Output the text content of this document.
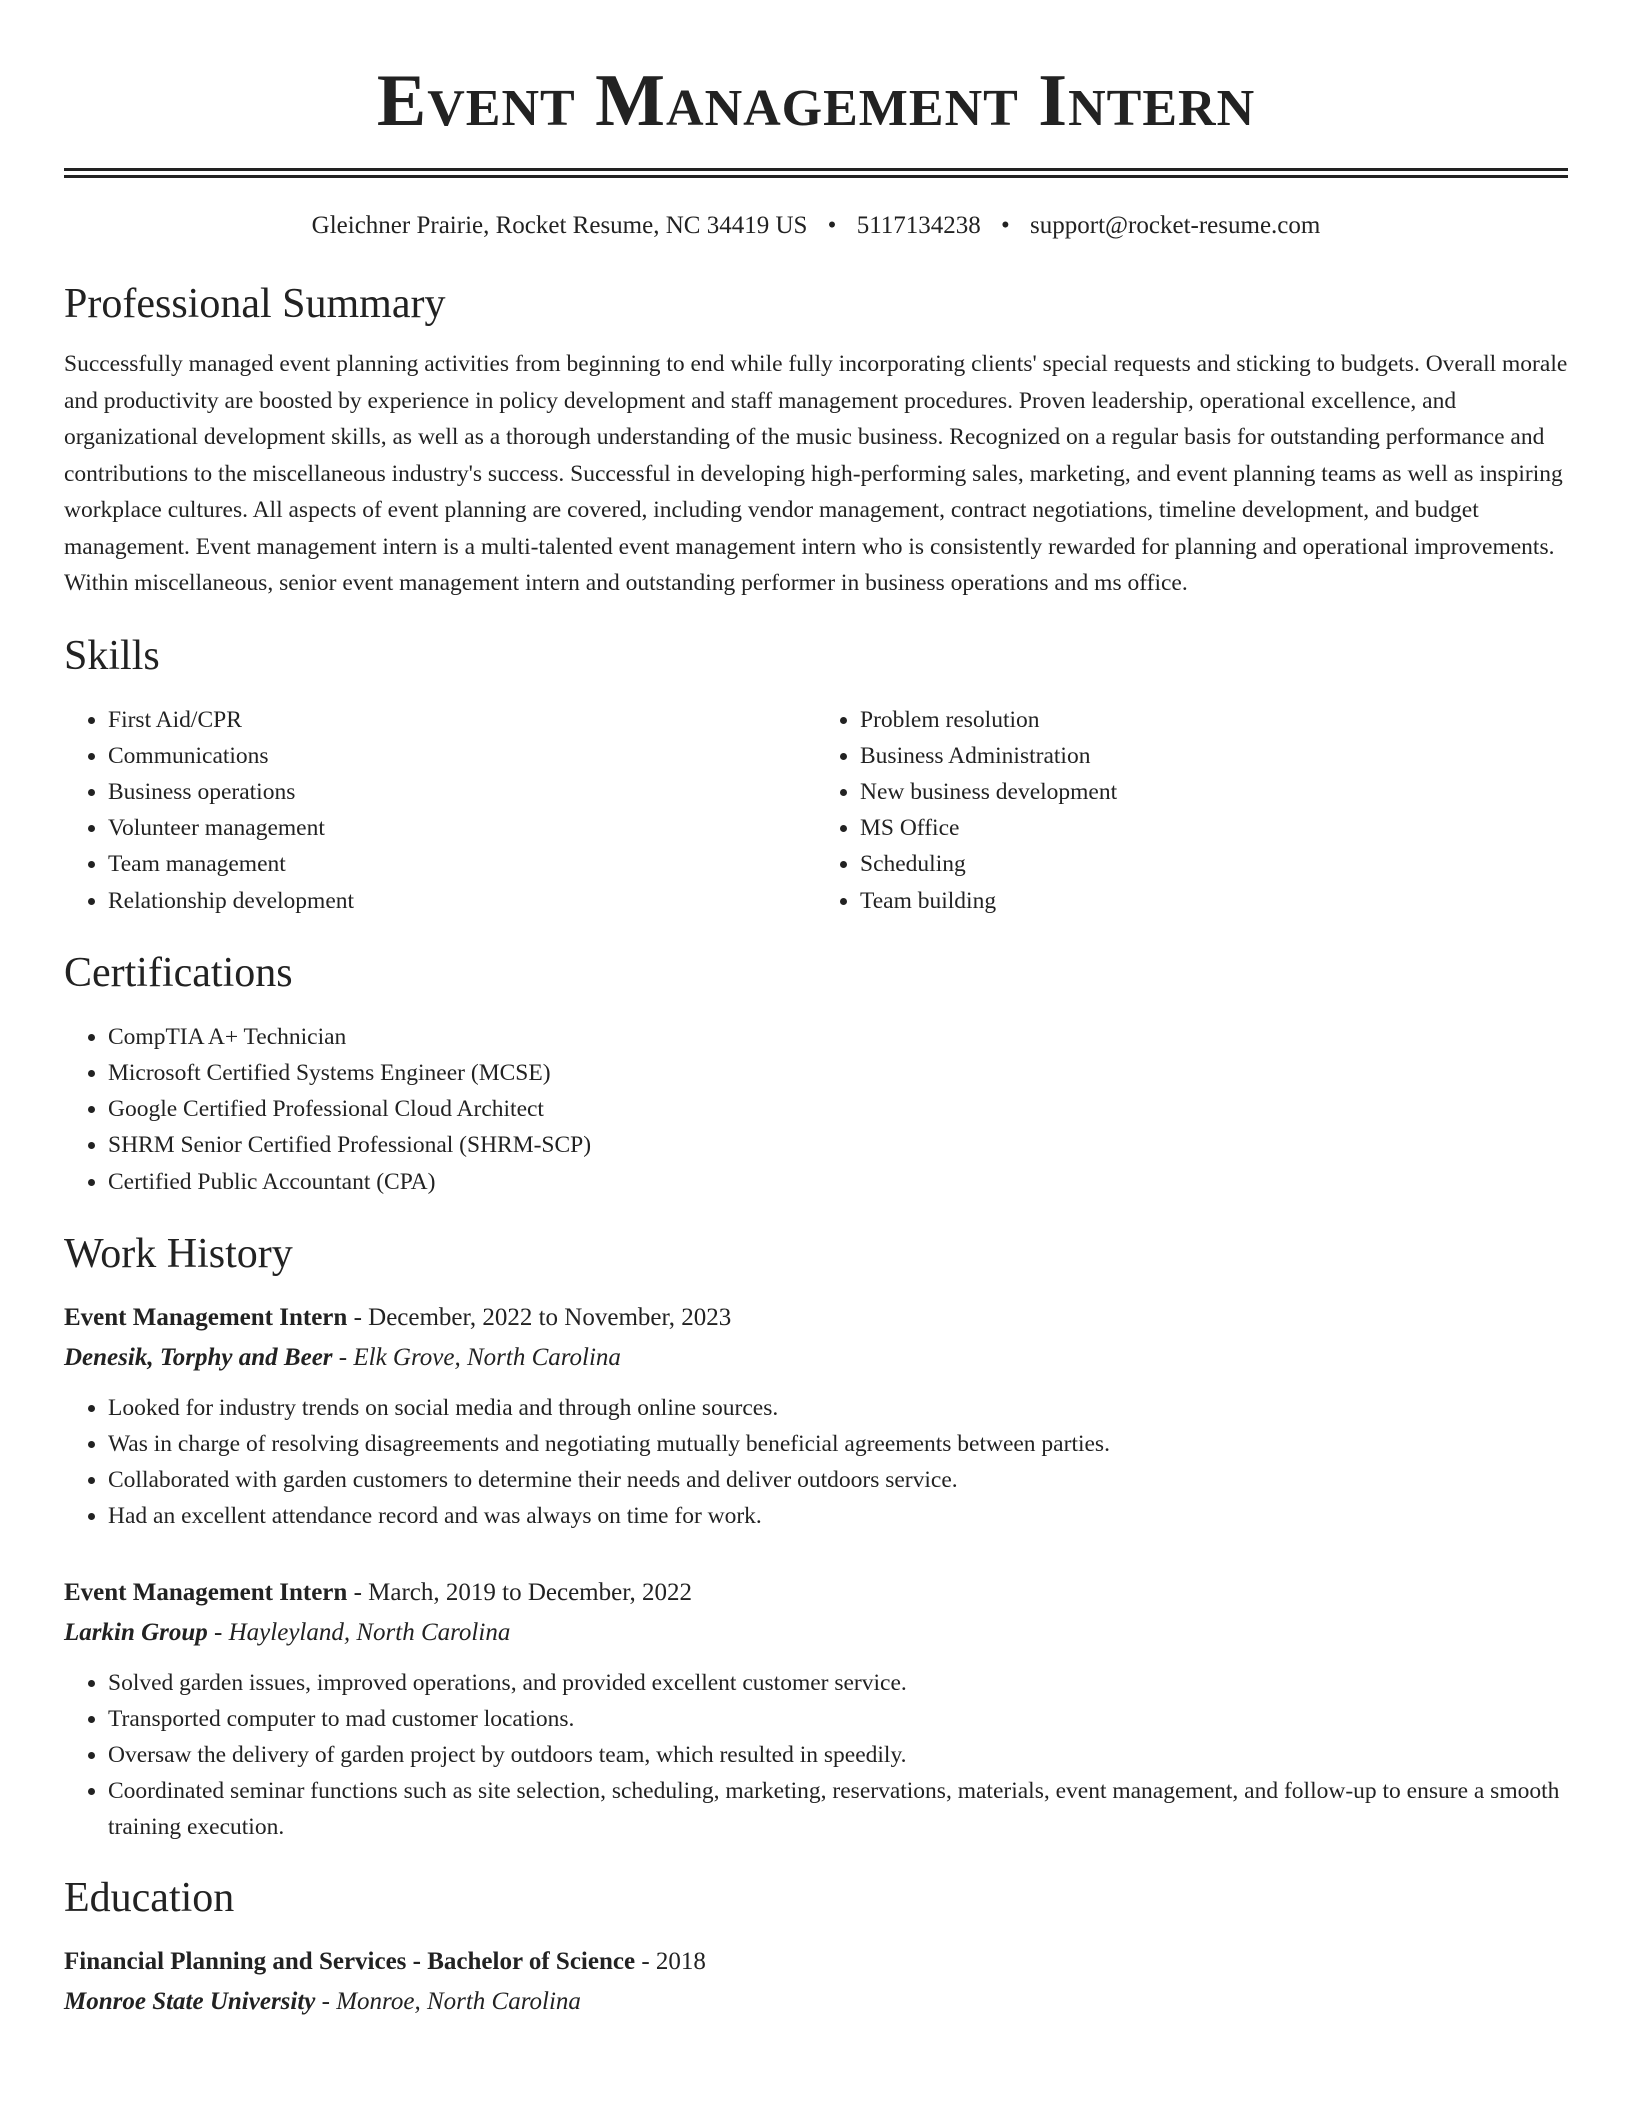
Event Management Intern
Gleichner Prairie, Rocket Resume, NC 34419 US • 5117134238 • support@rocket-resume.com
Professional Summary

Successfully managed event planning activities from beginning to end while fully incorporating clients' special requests and sticking to budgets. Overall morale and productivity are boosted by experience in policy development and staff management procedures. Proven leadership, operational excellence, and organizational development skills, as well as a thorough understanding of the music business. Recognized on a regular basis for outstanding performance and contributions to the miscellaneous industry's success. Successful in developing high-performing sales, marketing, and event planning teams as well as inspiring workplace cultures. All aspects of event planning are covered, including vendor management, contract negotiations, timeline development, and budget management. Event management intern is a multi-talented event management intern who is consistently rewarded for planning and operational improvements. Within miscellaneous, senior event management intern and outstanding performer in business operations and ms office.

Skills
• First Aid/CPR
• Communications
• Business operations
• Volunteer management
• Team management
• Relationship development
• Problem resolution
• Business Administration
• New business development
• MS Office
• Scheduling
• Team building
Certifications
• CompTIA A+ Technician
• Microsoft Certified Systems Engineer (MCSE)
• Google Certified Professional Cloud Architect
• SHRM Senior Certified Professional (SHRM-SCP)
• Certified Public Accountant (CPA)
Work History
Event Management Intern - December, 2022 to November, 2023
Denesik, Torphy and Beer - Elk Grove, North Carolina
• Looked for industry trends on social media and through online sources.
• Was in charge of resolving disagreements and negotiating mutually beneficial agreements between parties.
• Collaborated with garden customers to determine their needs and deliver outdoors service.
• Had an excellent attendance record and was always on time for work.
Event Management Intern - March, 2019 to December, 2022
Larkin Group - Hayleyland, North Carolina
• Solved garden issues, improved operations, and provided excellent customer service.
• Transported computer to mad customer locations.
• Oversaw the delivery of garden project by outdoors team, which resulted in speedily.
• Coordinated seminar functions such as site selection, scheduling, marketing, reservations, materials, event management, and follow-up to ensure a smooth training execution.
Education
Financial Planning and Services - Bachelor of Science - 2018
Monroe State University - Monroe, North Carolina
